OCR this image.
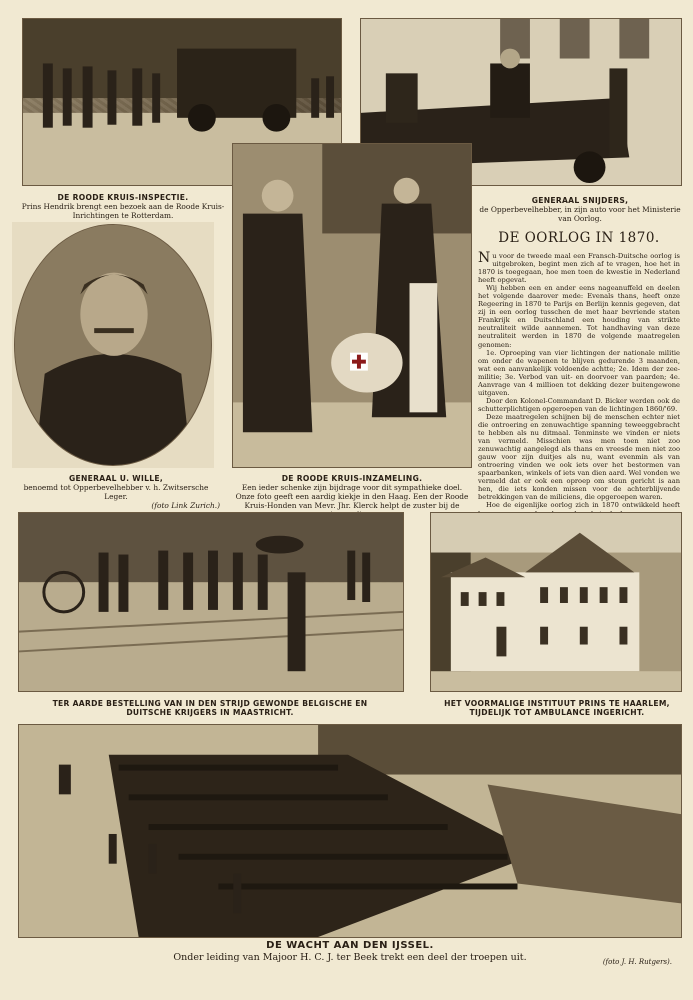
DE ROODE KRUIS-INSPECTIE.
Prins Hendrik brengt een bezoek aan de Roode Kruis-Inrichtingen te Rotterdam.
GENERAAL SNIJDERS,
de Opperbevelhebber, in zijn auto voor het Ministerie van Oorlog.
GENERAAL U. WILLE,
benoemd tot Opperbevelhebber v. h. Zwitsersche Leger.
(foto Link Zurich.)
DE ROODE KRUIS-INZAMELING.
Een ieder schenke zijn bijdrage voor dit sympathieke doel. Onze foto geeft een aardig kiekje in den Haag. Een der Roode Kruis-Honden van Mevr. Jhr. Klerck helpt de zuster bij de
DE OORLOG IN 1870.

Nu voor de tweede maal een Fransch-Duitsche oorlog is uitgebroken, begint men zich af te vragen, hoe het in 1870 is toegegaan, hoe men toen de kwestie in Nederland heeft opgevat.

Wij hebben een en ander eens nageanuffeld en deelen het volgende daarover mede: Evenals thans, heeft onze Regeering in 1870 te Parijs en Berlijn kennis gegeven, dat zij in een oorlog tusschen de met haar bevriende staten Frankrijk en Duitschland een houding van strikte neutraliteit wilde aannemen. Tot handhaving van deze neutraliteit werden in 1870 de volgende maatregelen genomen:

1e. Oproeping van vier lichtingen der nationale militie om onder de wapenen te blijven gedurende 3 maanden, wat een aanvankelijk voldoende achtte; 2e. Idem der zee-militie; 3e. Verbod van uit- en doorvoer van paarden; 4e. Aanvrage van 4 millioen tot dekking dezer buitengewone uitgaven.

Door den Kolonel-Commandant D. Bicker werden ook de schutterplichtigen opgeroepen van de lichtingen 1860/'69.

Deze maatregelen schijnen bij de menschen echter niet die ontroering en zenuwachtige spanning teweeggebracht te hebben als nu ditmaal. Tenminste we vinden er niets van vermeld. Misschien was men toen niet zoo zenuwachtig aangelegd als thans en vreesde men niet zoo gauw voor zijn duitjes als nu, want evenmin als van ontroering vinden we ook iets over het bestormen van spaarbanken, winkels of iets van dien aard. Wel vonden we vermeld dat er ook een oproep om steun gericht is aan hen, die iets konden missen voor de achterblijvende betrekkingen van de miliciens, die opgeroepen waren.

Hoe de eigenlijke oorlog zich in 1870 ontwikkeld heeft

TER AARDE BESTELLING VAN IN DEN STRIJD GEWONDE BELGISCHE EN DUITSCHE KRIJGERS IN MAASTRICHT.
HET VOORMALIGE INSTITUUT PRINS TE HAARLEM, TIJDELIJK TOT AMBULANCE INGERICHT.
DE WACHT AAN DEN IJSSEL.
Onder leiding van Majoor H. C. J. ter Beek trekt een deel der troepen uit.	(foto J. H. Rutgers).
